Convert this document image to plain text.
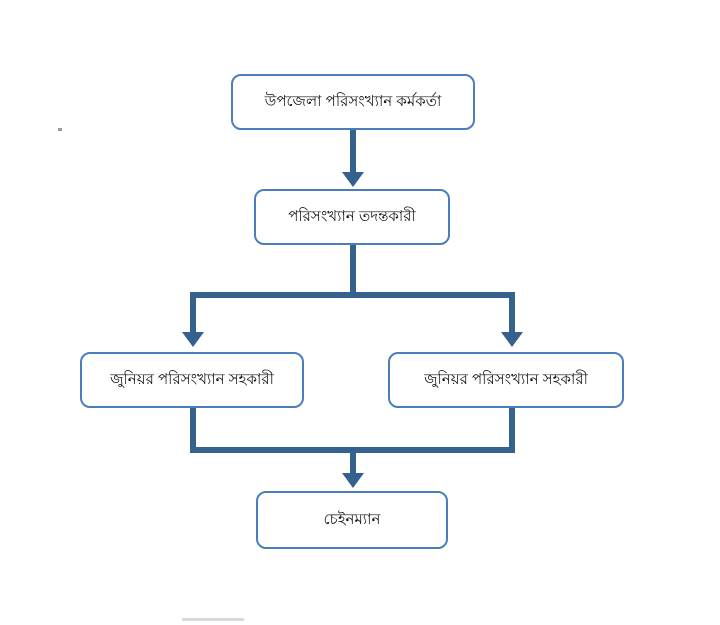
উপজেলা পরিসংখ্যান কর্মকর্তা
পরিসংখ্যান তদন্তকারী
জুনিয়র পরিসংখ্যান সহকারী	জুনিয়র পরিসংখ্যান সহকারী
চেইনম্যান
